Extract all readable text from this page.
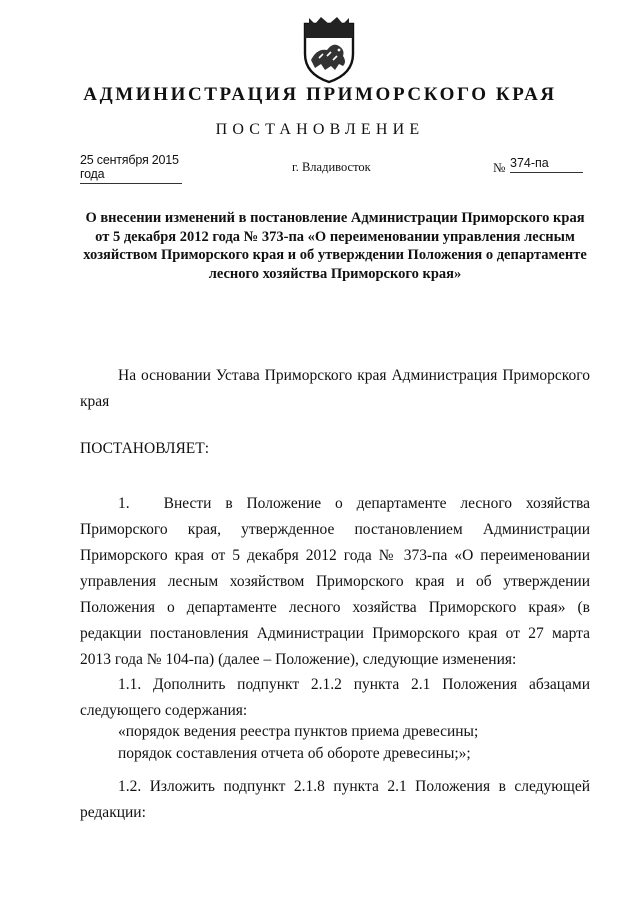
АДМИНИСТРАЦИЯ ПРИМОРСКОГО КРАЯ
ПОСТАНОВЛЕНИЕ
25 сентября 2015 года	г. Владивосток	№ 374-па
О внесении изменений в постановление Администрации Приморского края от 5 декабря 2012 года № 373-па «О переименовании управления лесным хозяйством Приморского края и об утверждении Положения о департаменте лесного хозяйства Приморского края»
На основании Устава Приморского края Администрация Приморского края
ПОСТАНОВЛЯЕТ:
1. Внести в Положение о департаменте лесного хозяйства Приморского края, утвержденное постановлением Администрации Приморского края от 5 декабря 2012 года № 373-па «О переименовании управления лесным хозяйством Приморского края и об утверждении Положения о департаменте лесного хозяйства Приморского края» (в редакции постановления Администрации Приморского края от 27 марта 2013 года № 104-па) (далее – Положение), следующие изменения:
1.1. Дополнить подпункт 2.1.2 пункта 2.1 Положения абзацами следующего содержания:
«порядок ведения реестра пунктов приема древесины;
порядок составления отчета об обороте древесины;»;
1.2. Изложить подпункт 2.1.8 пункта 2.1 Положения в следующей редакции:
